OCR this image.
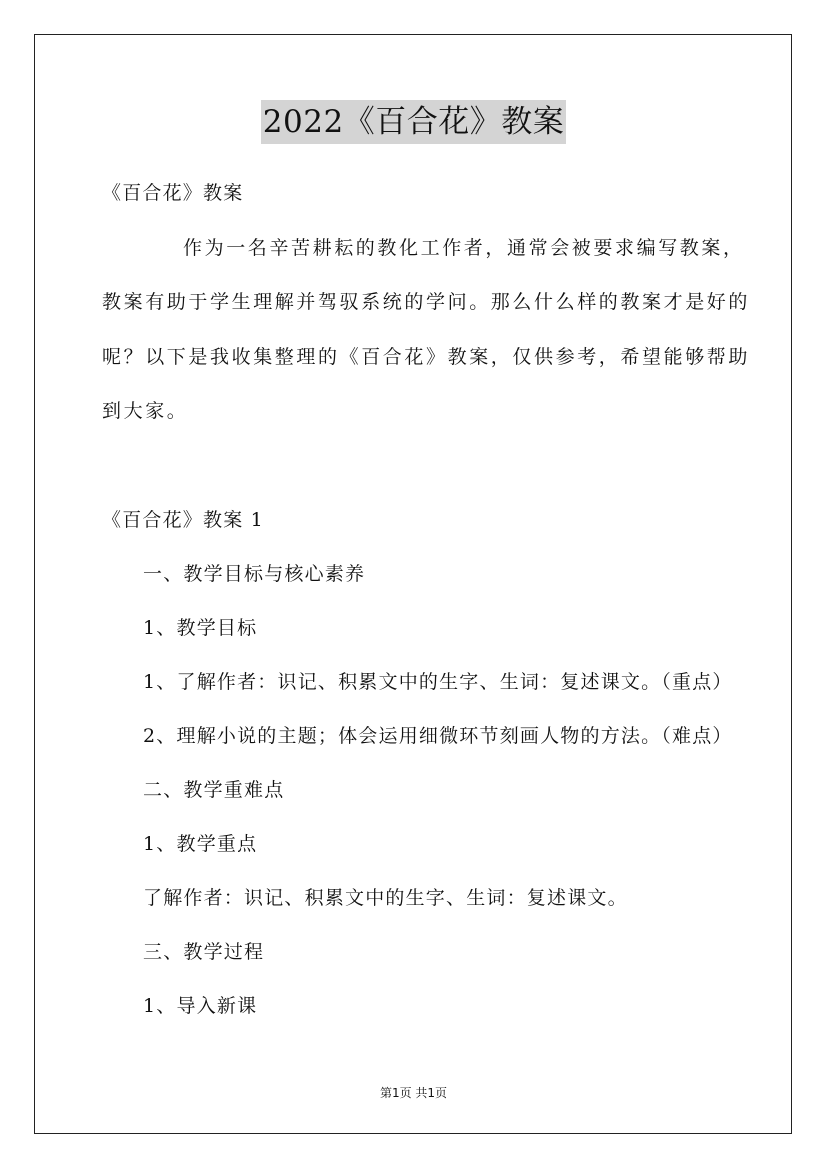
2022《百合花》教案
《百合花》教案
作为一名辛苦耕耘的教化工作者，通常会被要求编写教案，
教案有助于学生理解并驾驭系统的学问。那么什么样的教案才是好的
呢？以下是我收集整理的《百合花》教案，仅供参考，希望能够帮助
到大家。
《百合花》教案 1
一、教学目标与核心素养
1、教学目标
1、了解作者：识记、积累文中的生字、生词：复述课文。（重点）
2、理解小说的主题；体会运用细微环节刻画人物的方法。（难点）
二、教学重难点
1、教学重点
了解作者：识记、积累文中的生字、生词：复述课文。
三、教学过程
1、导入新课
第1页 共1页
